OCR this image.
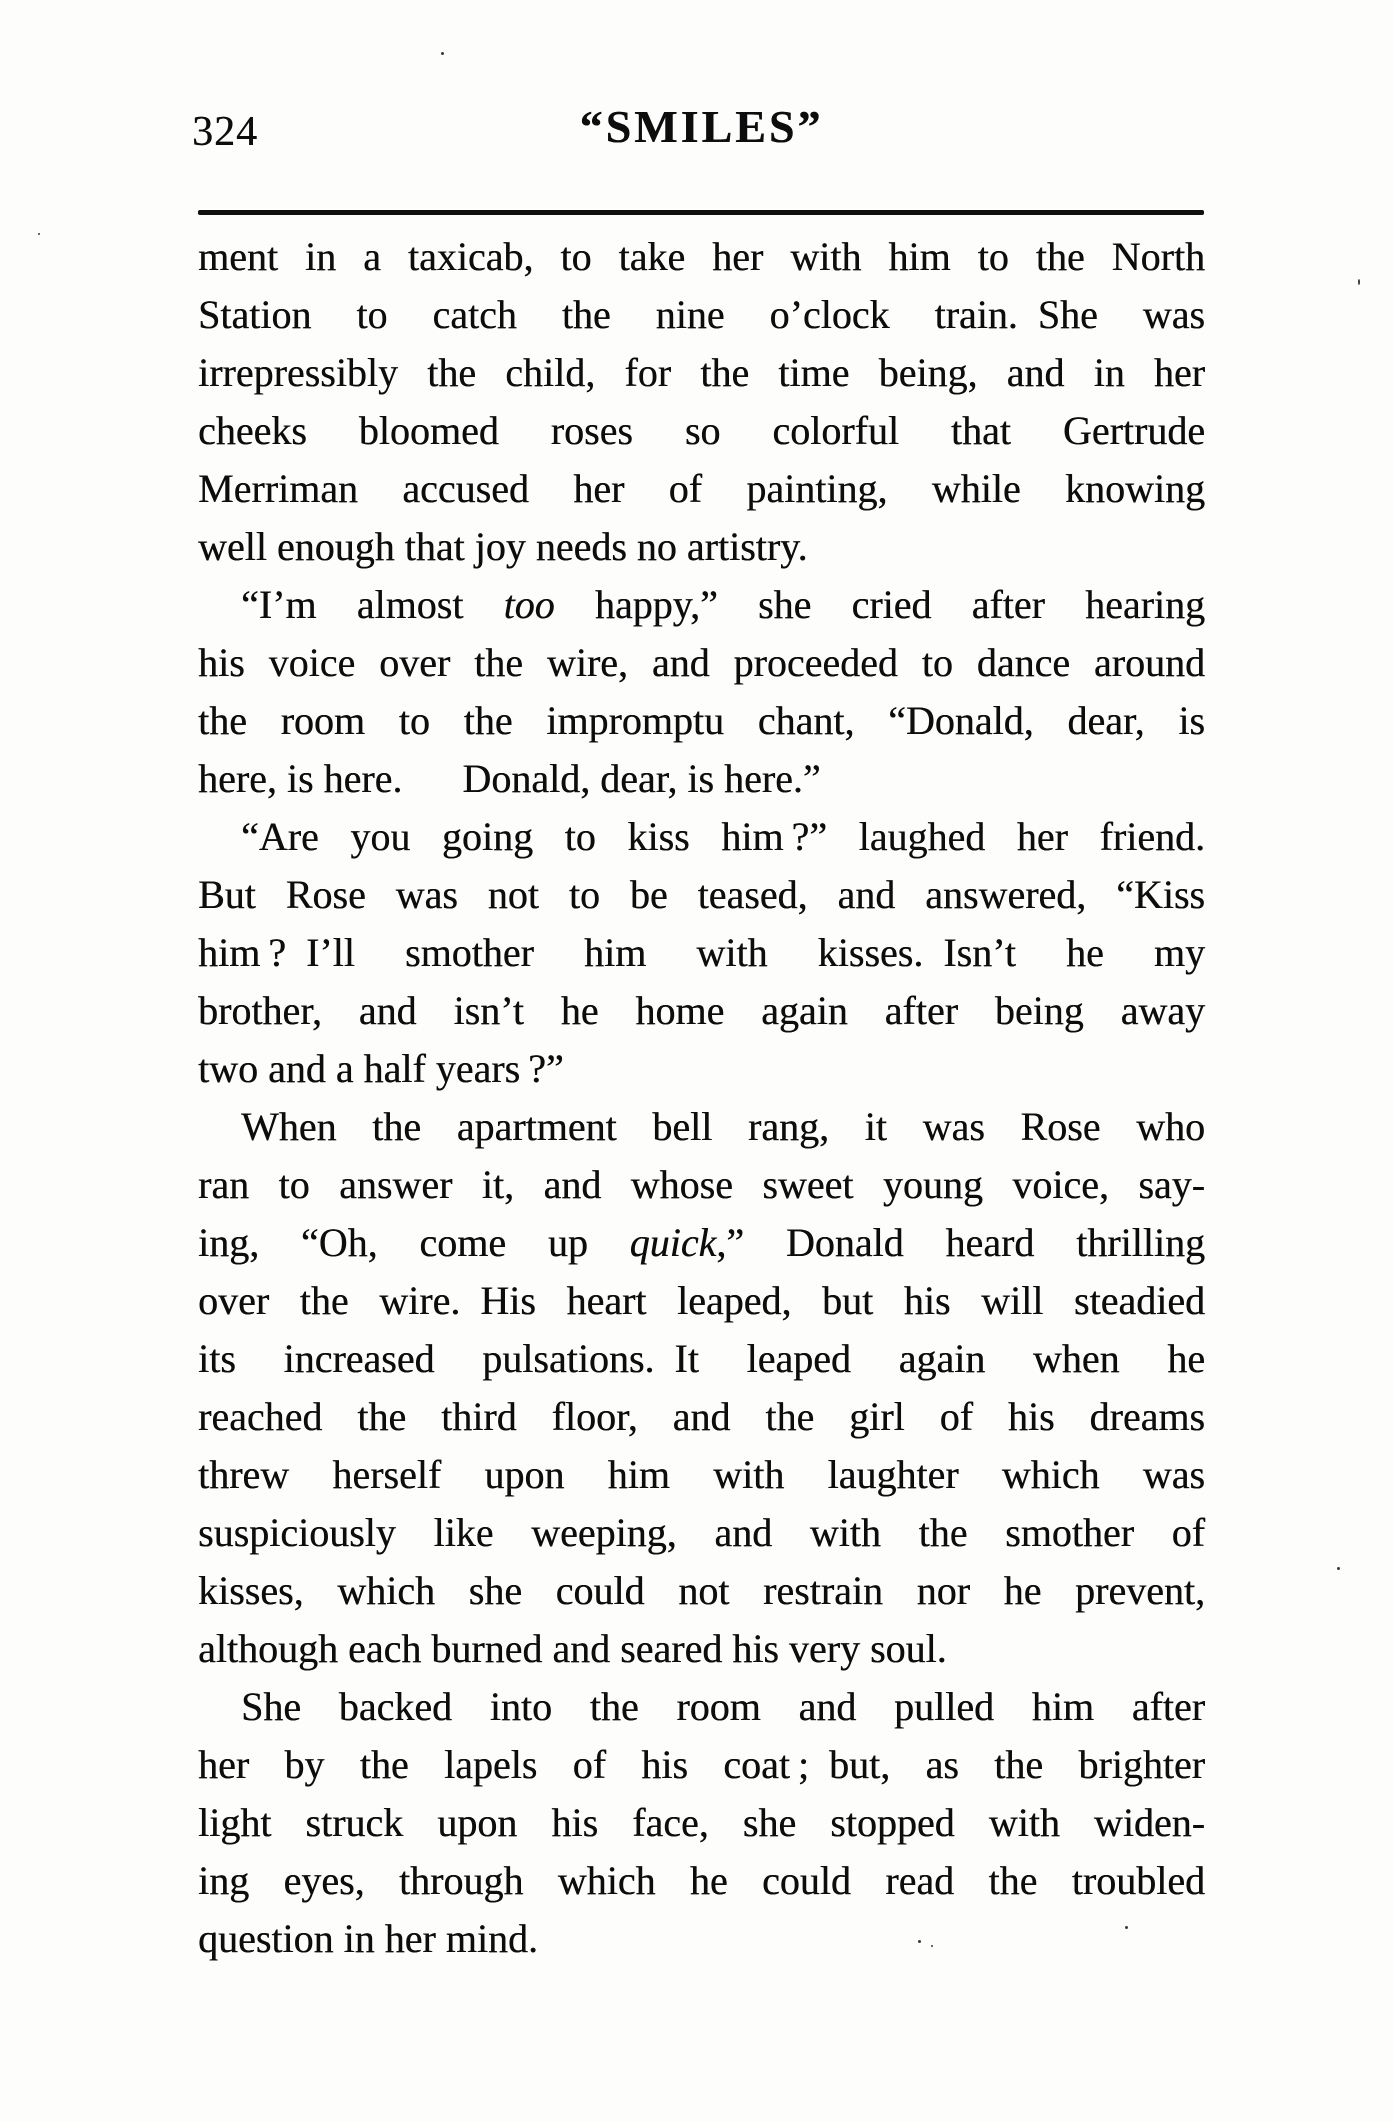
324	“SMILES”
ment in a taxicab, to take her with him to the North
Station to catch the nine o’clock train. She was
irrepressibly the child, for the time being, and in her
cheeks bloomed roses so colorful that Gertrude
Merriman accused her of painting, while knowing
well enough that joy needs no artistry.
“I’m almost too happy,” she cried after hearing
his voice over the wire, and proceeded to dance around
the room to the impromptu chant, “Donald, dear, is
here, is here.  Donald, dear, is here.”
“Are you going to kiss him ?” laughed her friend.
But Rose was not to be teased, and answered, “Kiss
him ? I’ll smother him with kisses. Isn’t he my
brother, and isn’t he home again after being away
two and a half years ?”
When the apartment bell rang, it was Rose who
ran to answer it, and whose sweet young voice, say-
ing, “Oh, come up quick,” Donald heard thrilling
over the wire. His heart leaped, but his will steadied
its increased pulsations. It leaped again when he
reached the third floor, and the girl of his dreams
threw herself upon him with laughter which was
suspiciously like weeping, and with the smother of
kisses, which she could not restrain nor he prevent,
although each burned and seared his very soul.
She backed into the room and pulled him after
her by the lapels of his coat ; but, as the brighter
light struck upon his face, she stopped with widen-
ing eyes, through which he could read the troubled
question in her mind.
